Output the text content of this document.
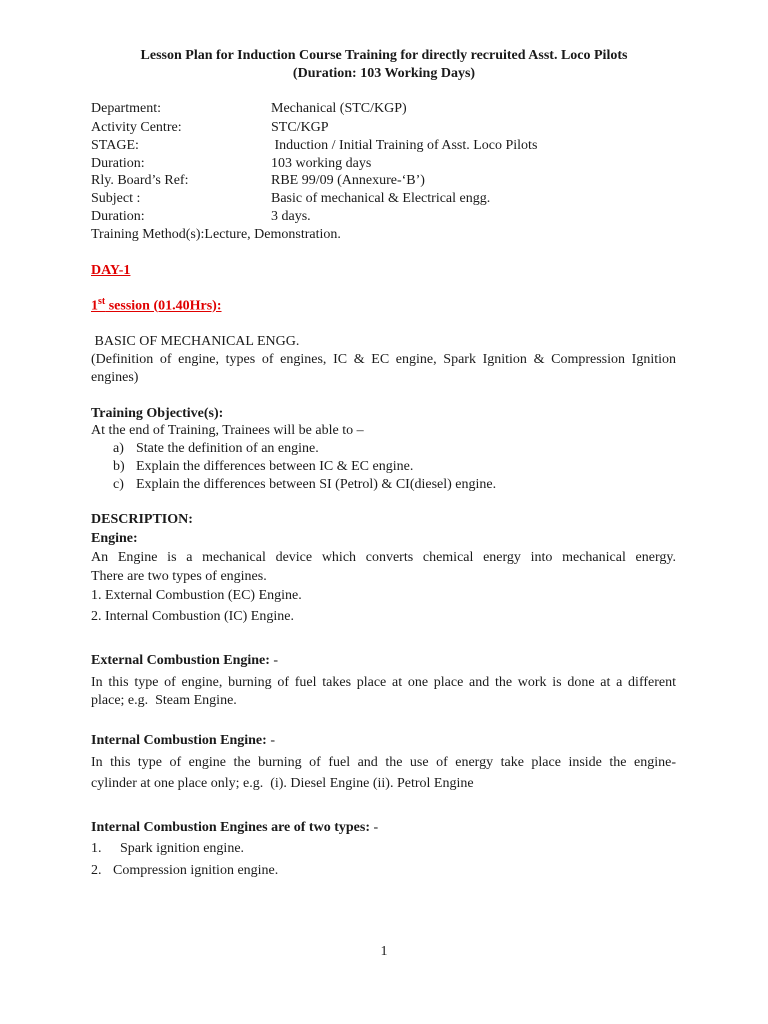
Lesson Plan for Induction Course Training for directly recruited Asst. Loco Pilots
(Duration: 103 Working Days)
Department:	Mechanical (STC/KGP)
Activity Centre:	STC/KGP
STAGE:	Induction / Initial Training of Asst. Loco Pilots
Duration:	103 working days
Rly. Board’s Ref:	RBE 99/09 (Annexure-‘B’)
Subject :	Basic of mechanical & Electrical engg.
Duration:	3 days.
Training Method(s):Lecture, Demonstration.
DAY-1
1st session (01.40Hrs):
BASIC OF MECHANICAL ENGG.
(Definition of engine, types of engines, IC & EC engine, Spark Ignition & Compression Ignition
engines)
Training Objective(s):
At the end of Training, Trainees will be able to –
a) State the definition of an engine.
b) Explain the differences between IC & EC engine.
c) Explain the differences between SI (Petrol) & CI(diesel) engine.
DESCRIPTION:
Engine:
An Engine is a mechanical device which converts chemical energy into mechanical energy.
There are two types of engines.
1. External Combustion (EC) Engine.
2. Internal Combustion (IC) Engine.
External Combustion Engine: -
In this type of engine, burning of fuel takes place at one place and the work is done at a different
place; e.g.  Steam Engine.
Internal Combustion Engine: -
In this type of engine the burning of fuel and the use of energy take place inside the engine-
cylinder at one place only; e.g.  (i). Diesel Engine (ii). Petrol Engine
Internal Combustion Engines are of two types: -
1. Spark ignition engine.
2. Compression ignition engine.
1
